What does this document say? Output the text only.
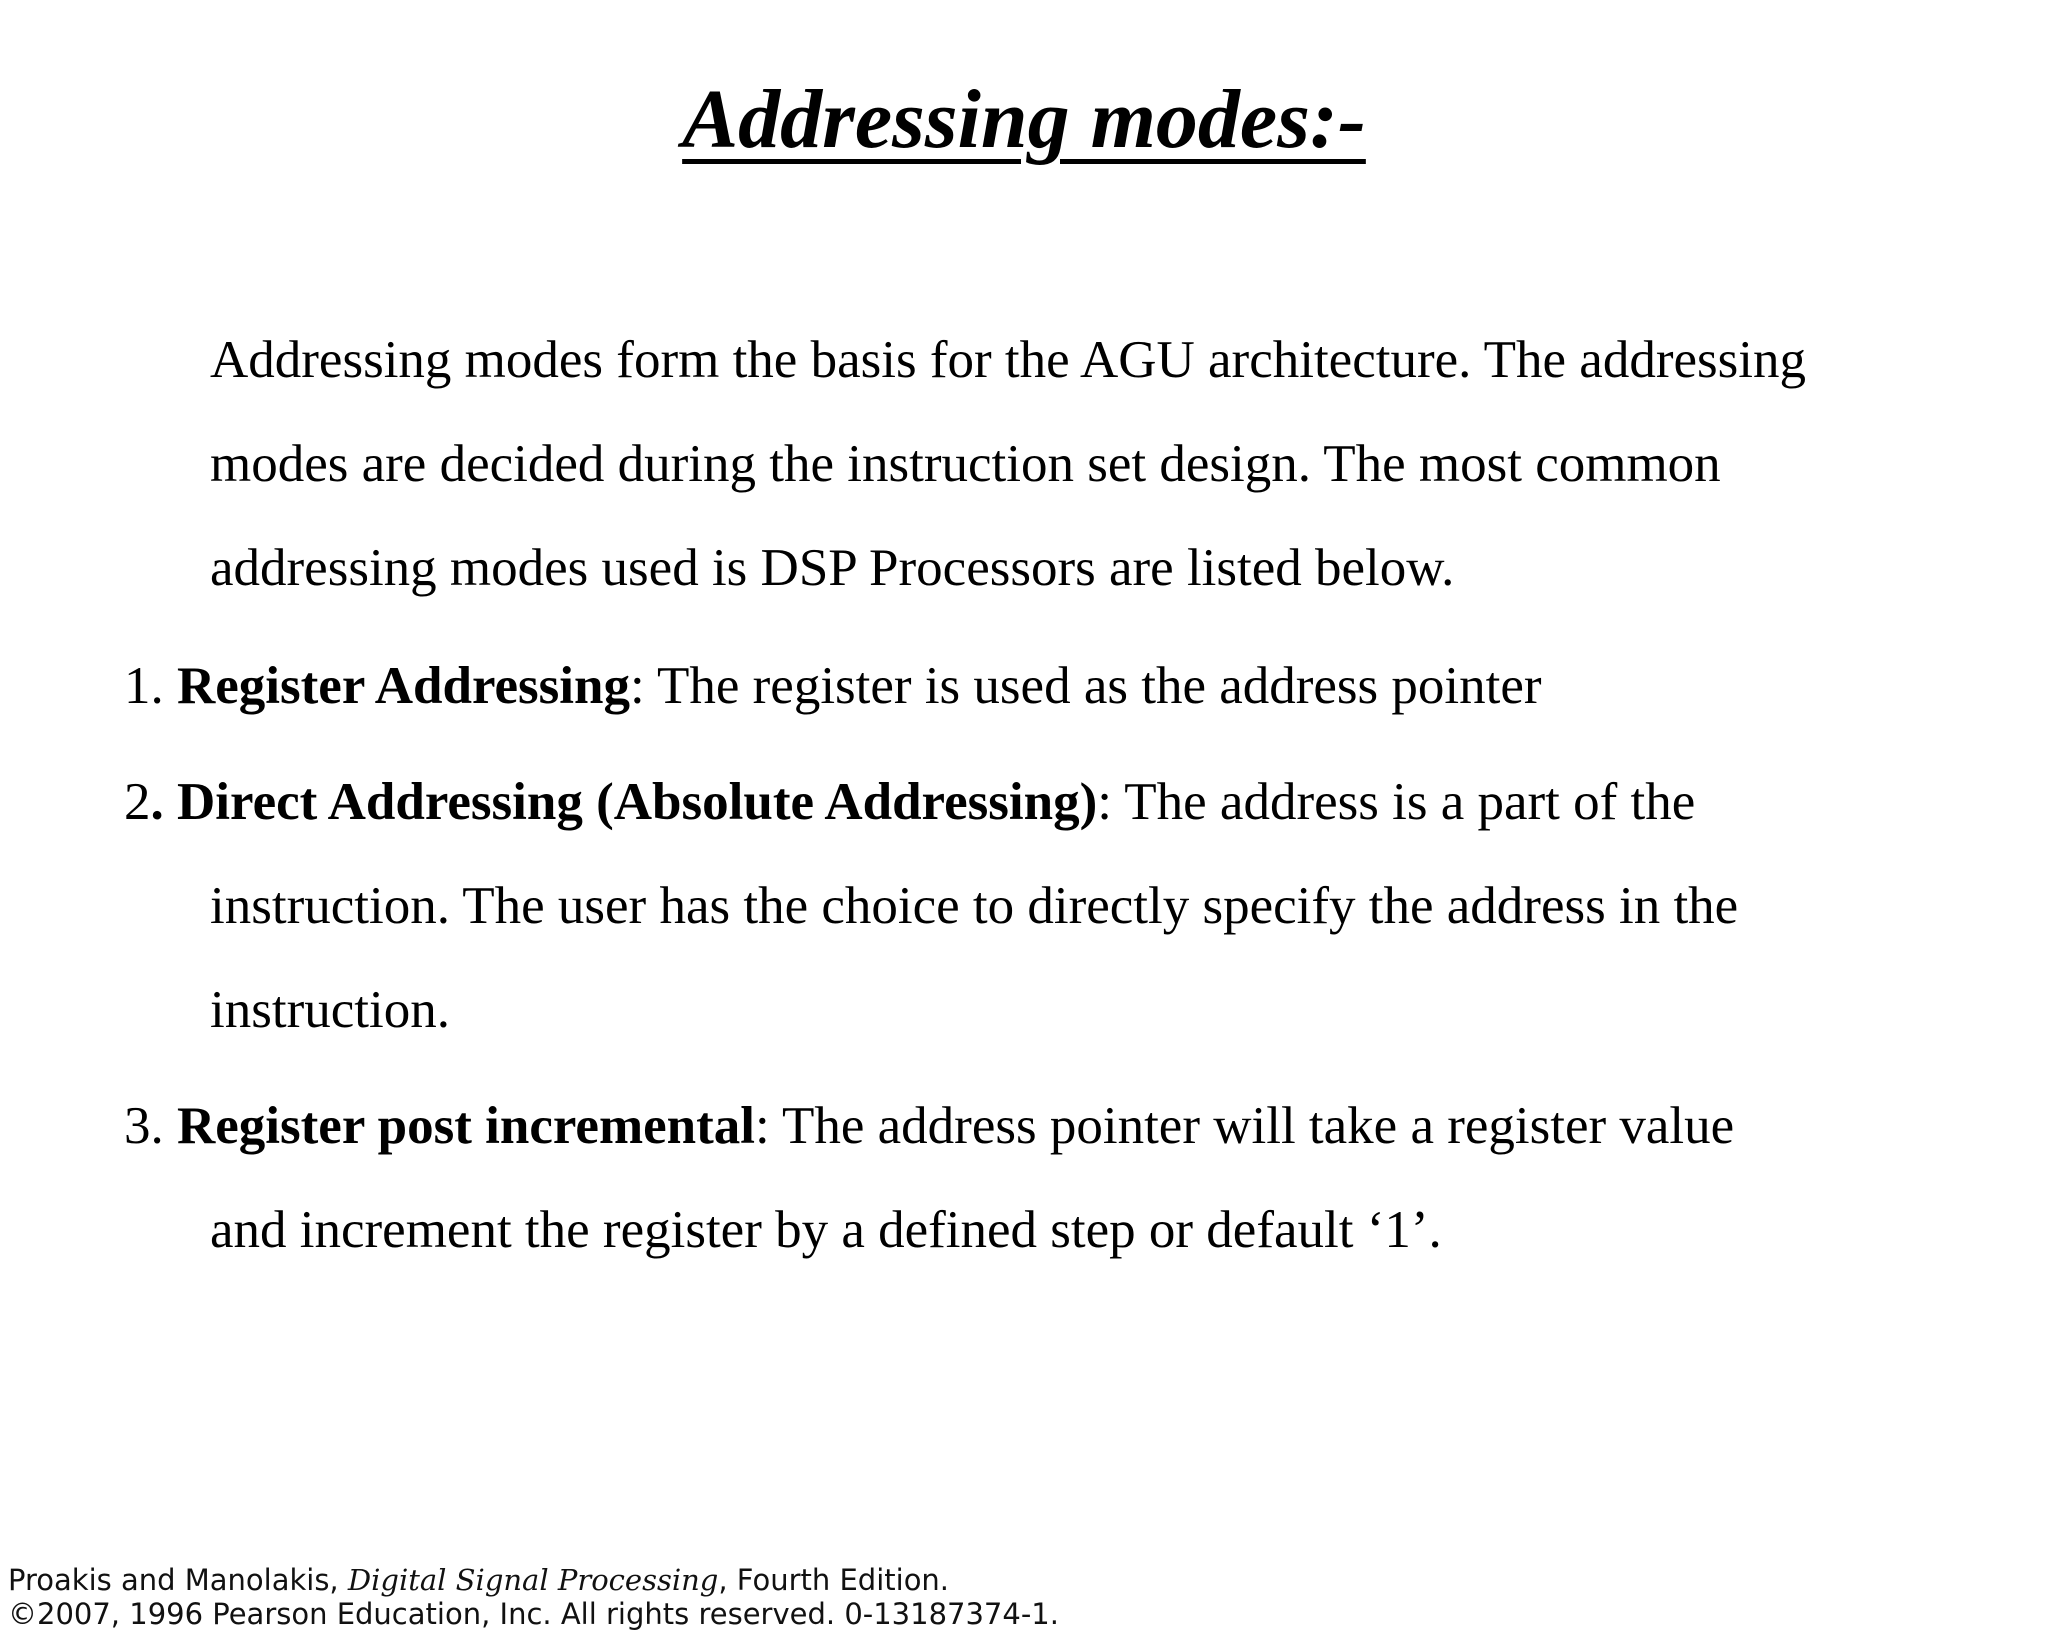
Addressing modes:-
Addressing modes form the basis for the AGU architecture. The addressing
modes are decided during the instruction set design. The most common
addressing modes used is DSP Processors are listed below.
1. Register Addressing: The register is used as the address pointer
2. Direct Addressing (Absolute Addressing): The address is a part of the
instruction. The user has the choice to directly specify the address in the
instruction.
3. Register post incremental: The address pointer will take a register value
and increment the register by a defined step or default ‘1’.
Proakis and Manolakis, Digital Signal Processing, Fourth Edition.
©2007, 1996 Pearson Education, Inc. All rights reserved. 0-13187374-1.
